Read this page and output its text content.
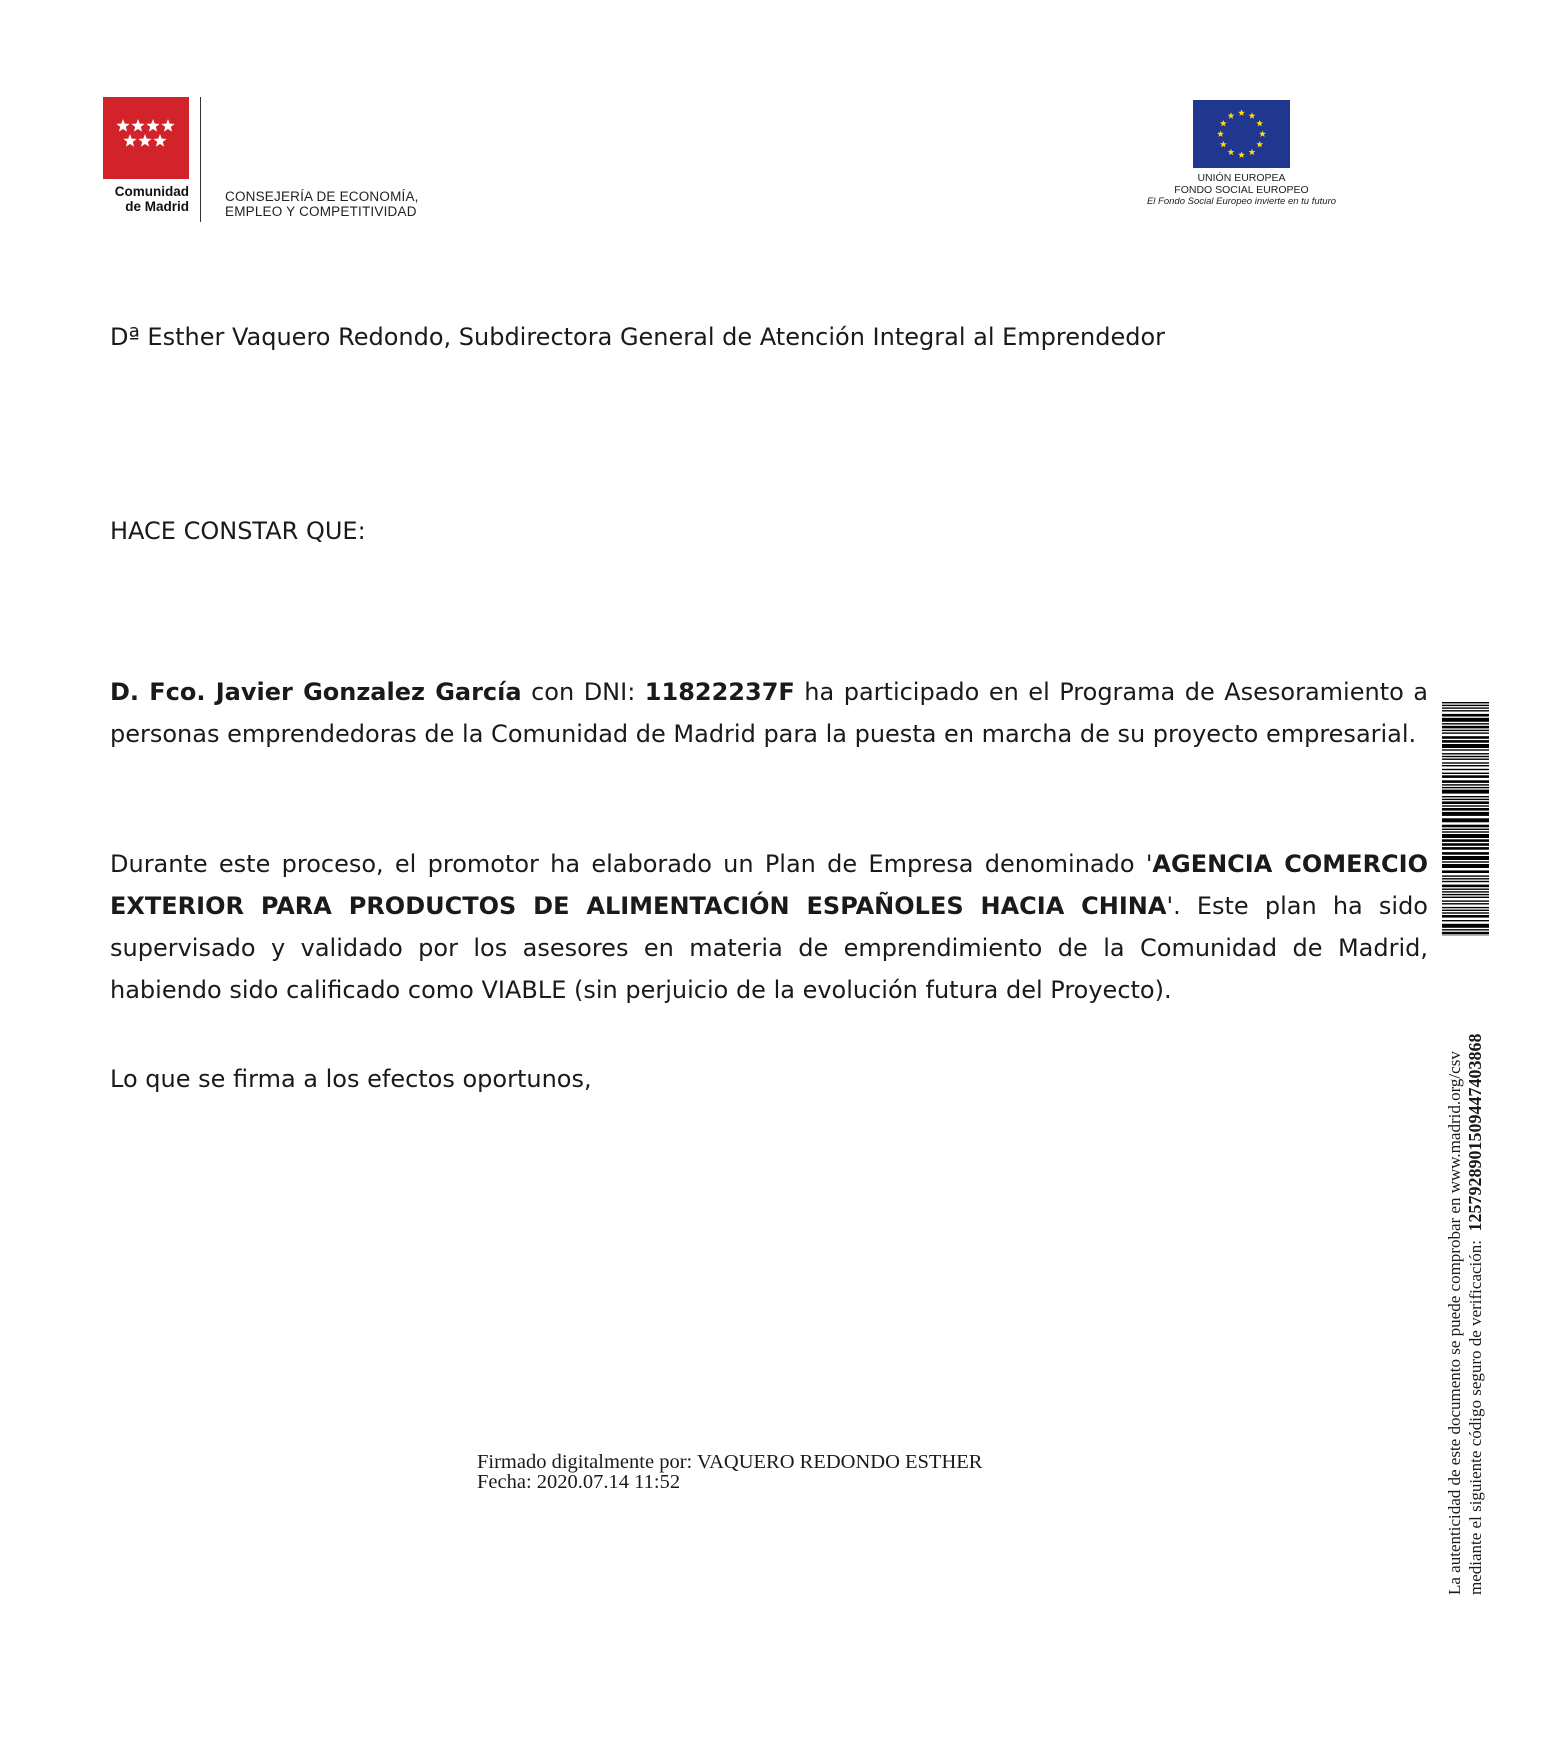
Comunidad
de Madrid
CONSEJERÍA DE ECONOMÍA,
EMPLEO Y COMPETITIVIDAD
UNIÓN EUROPEA
FONDO SOCIAL EUROPEO
El Fondo Social Europeo invierte en tu futuro
Dª Esther Vaquero Redondo, Subdirectora General de Atención Integral al Emprendedor
HACE CONSTAR QUE:
D. Fco. Javier Gonzalez García con DNI: 11822237F ha participado en el Programa de Asesoramiento a personas emprendedoras de la Comunidad de Madrid para la puesta en marcha de su proyecto empresarial.
Durante este proceso, el promotor ha elaborado un Plan de Empresa denominado 'AGENCIA COMERCIO EXTERIOR PARA PRODUCTOS DE ALIMENTACIÓN ESPAÑOLES HACIA CHINA'. Este plan ha sido supervisado y validado por los asesores en materia de emprendimiento de la Comunidad de Madrid, habiendo sido calificado como VIABLE (sin perjuicio de la evolución futura del Proyecto).
Lo que se firma a los efectos oportunos,
Firmado digitalmente por: VAQUERO REDONDO ESTHER
Fecha: 2020.07.14 11:52	La autenticidad de este documento se puede comprobar en www.madrid.org/csv mediante el siguiente código seguro de verificación:  1257928901509447403868
